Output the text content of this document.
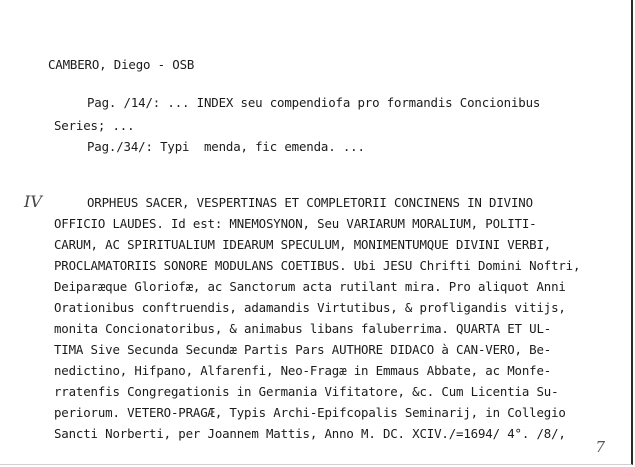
CAMBERO, Diego - OSB
Pag. /14/: ... INDEX seu compendiofa pro formandis Concionibus
Series; ...
Pag./34/: Typi  menda, fic emenda. ...
IV	ORPHEUS SACER, VESPERTINAS ET COMPLETORII CONCINENS IN DIVINO
OFFICIO LAUDES. Id est: MNEMOSYNON, Seu VARIARUM MORALIUM, POLITI-
CARUM, AC SPIRITUALIUM IDEARUM SPECULUM, MONIMENTUMQUE DIVINI VERBI,
PROCLAMATORIIS SONORE MODULANS COETIBUS. Ubi JESU Chrifti Domini Noftri,
Deiparæque Gloriofæ, ac Sanctorum acta rutilant mira. Pro aliquot Anni
Orationibus conftruendis, adamandis Virtutibus, & profligandis vitijs,
monita Concionatoribus, & animabus libans faluberrima. QUARTA ET UL-
TIMA Sive Secunda Secundæ Partis Pars AUTHORE DIDACO à CAN-VERO, Be-
nedictino, Hifpano, Alfarenfi, Neo-Fragæ in Emmaus Abbate, ac Monfe-
rratenfis Congregationis in Germania Vifitatore, &c. Cum Licentia Su-
periorum. VETERO-PRAGÆ, Typis Archi-Epifcopalis Seminarij, in Collegio
Sancti Norberti, per Joannem Mattis, Anno M. DC. XCIV./=1694/ 4°. /8/,
7
